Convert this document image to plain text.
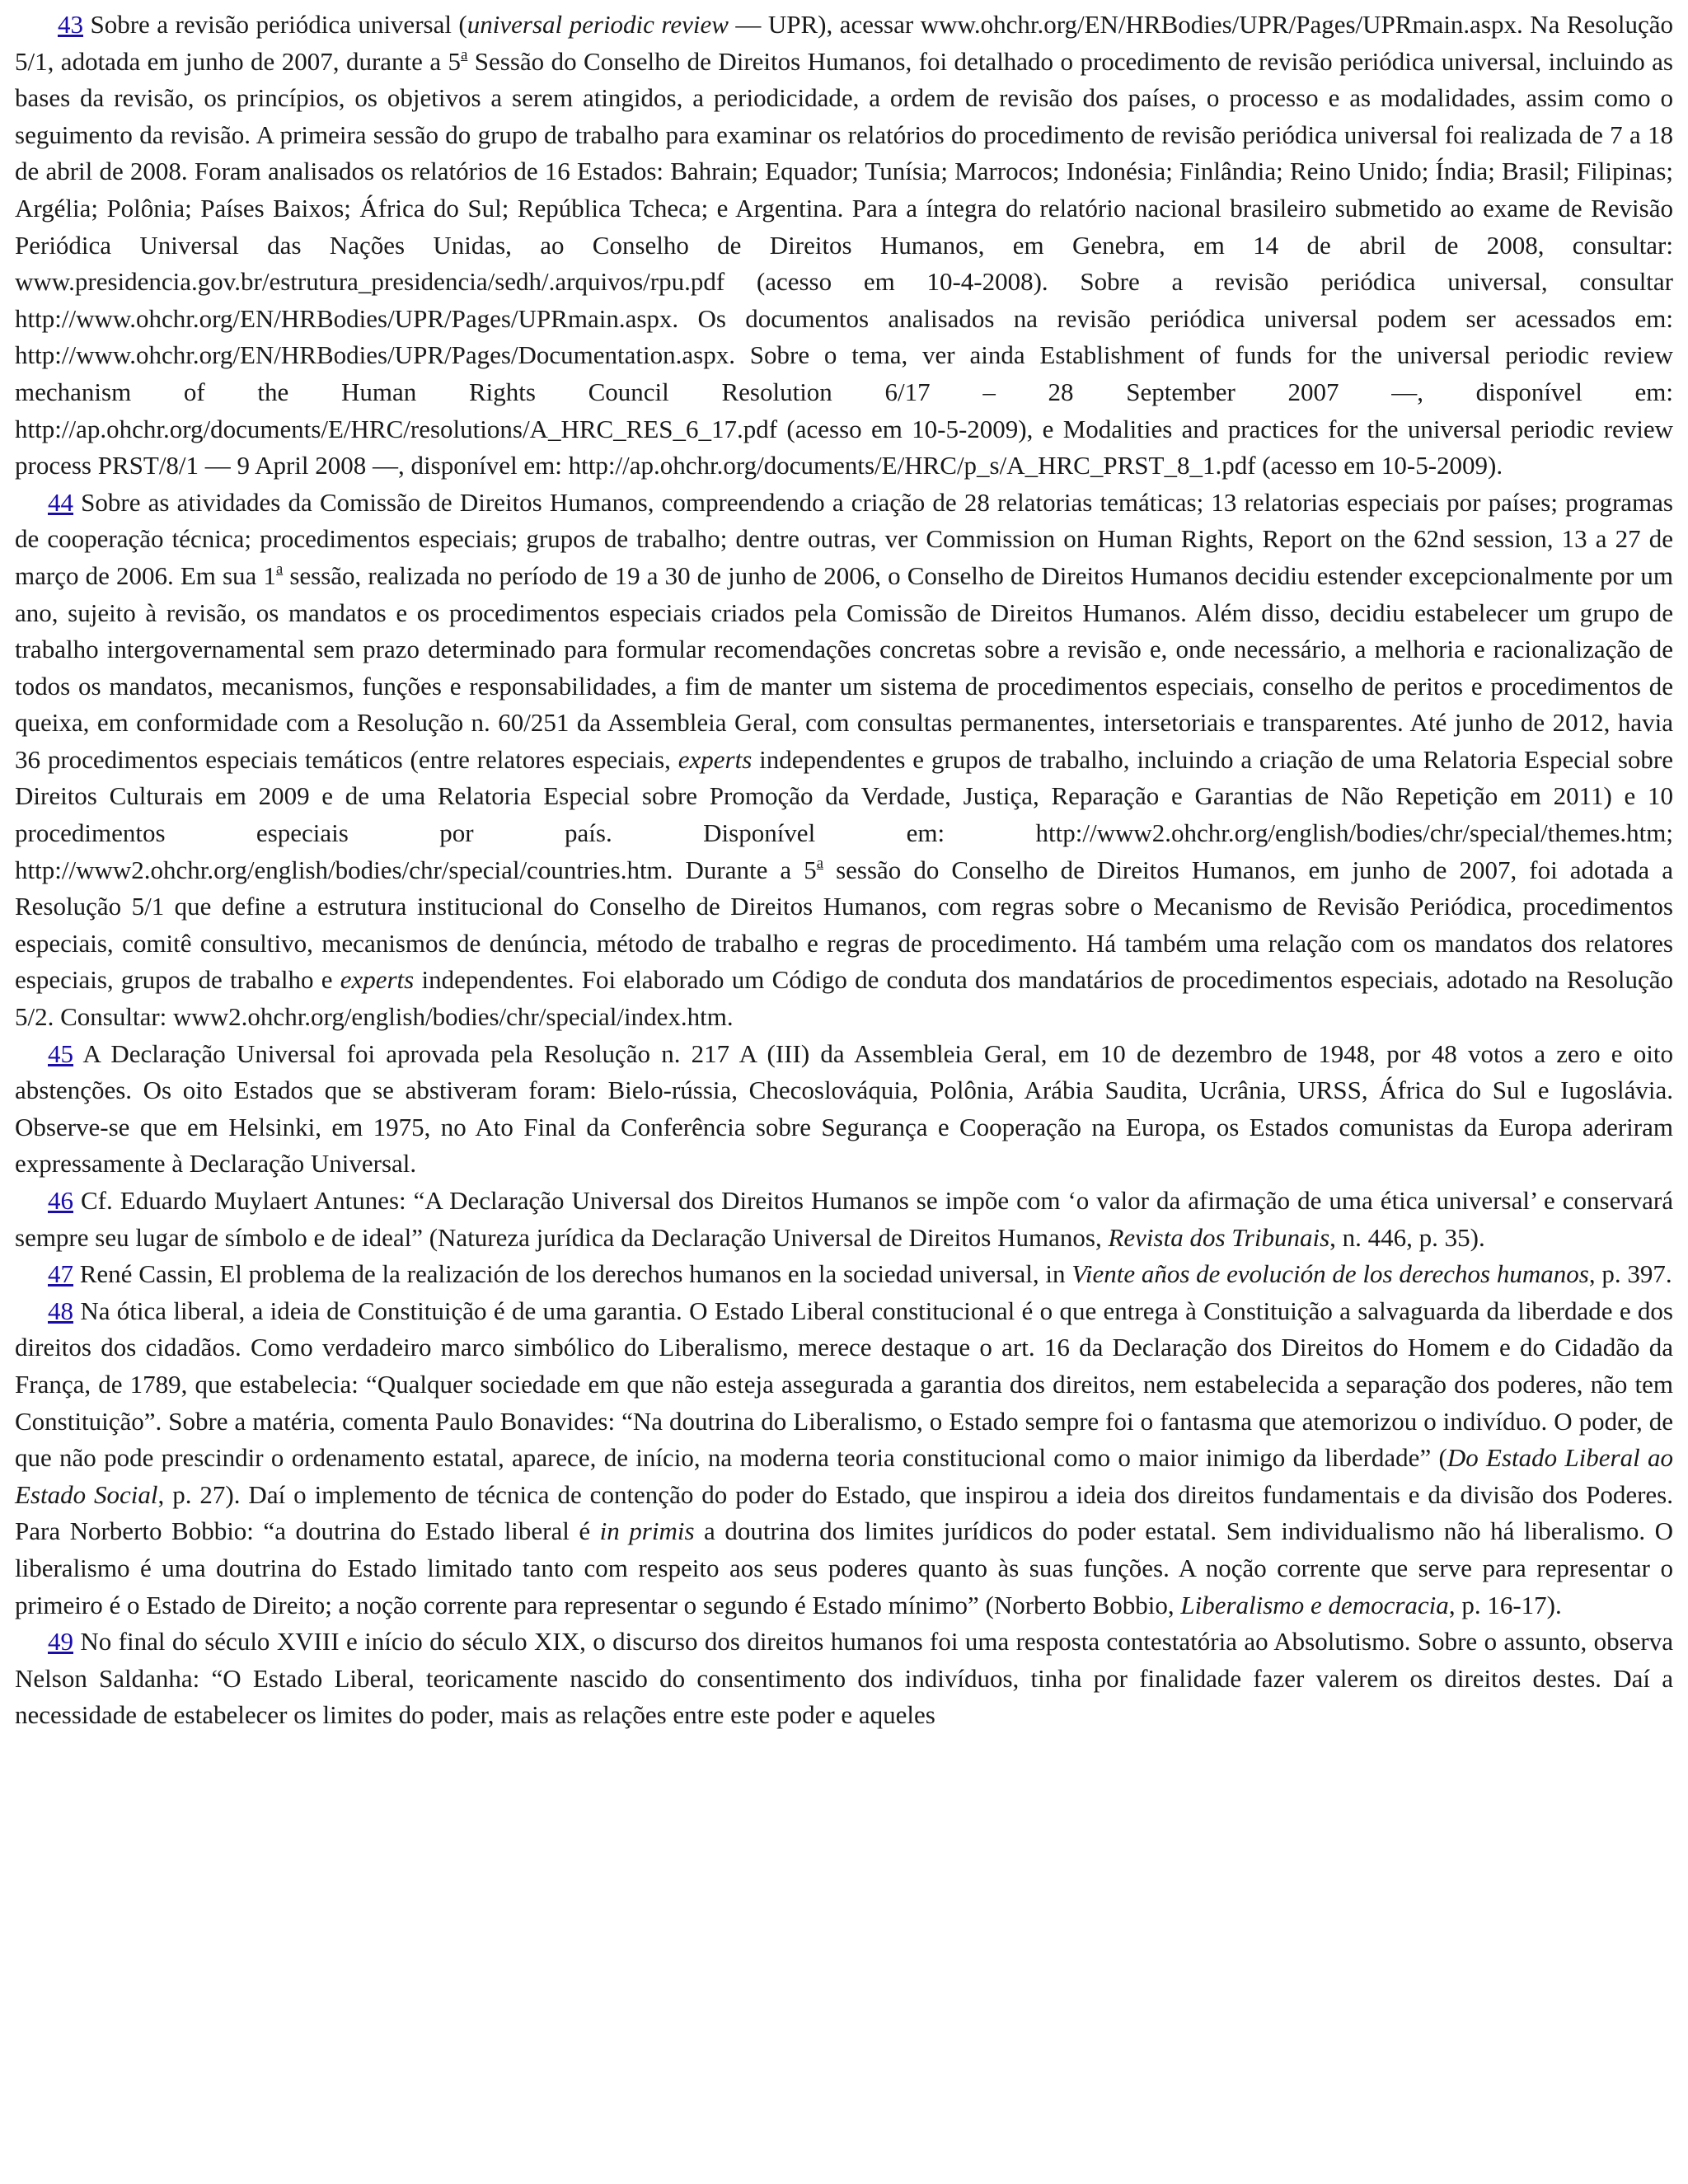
43 Sobre a revisão periódica universal (universal periodic review — UPR), acessar www.ohchr.org/EN/HRBodies/UPR/Pages/UPRmain.aspx. Na Resolução 5/1, adotada em junho de 2007, durante a 5$^a$ Sessão do Conselho de Direitos Humanos, foi detalhado o procedimento de revisão periódica universal, incluindo as bases da revisão, os princípios, os objetivos a serem atingidos, a periodicidade, a ordem de revisão dos países, o processo e as modalidades, assim como o seguimento da revisão. A primeira sessão do grupo de trabalho para examinar os relatórios do procedimento de revisão periódica universal foi realizada de 7 a 18 de abril de 2008. Foram analisados os relatórios de 16 Estados: Bahrain; Equador; Tunísia; Marrocos; Indonésia; Finlândia; Reino Unido; Índia; Brasil; Filipinas; Argélia; Polônia; Países Baixos; África do Sul; República Tcheca; e Argentina. Para a íntegra do relatório nacional brasileiro submetido ao exame de Revisão Periódica Universal das Nações Unidas, ao Conselho de Direitos Humanos, em Genebra, em 14 de abril de 2008, consultar: www.presidencia.gov.br/estrutura_presidencia/sedh/.arquivos/rpu.pdf (acesso em 10-4-2008). Sobre a revisão periódica universal, consultar http://www.ohchr.org/EN/HRBodies/UPR/Pages/UPRmain.aspx. Os documentos analisados na revisão periódica universal podem ser acessados em: http://www.ohchr.org/EN/HRBodies/UPR/Pages/Documentation.aspx. Sobre o tema, ver ainda Establishment of funds for the universal periodic review mechanism of the Human Rights Council Resolution 6/17 – 28 September 2007 —, disponível em: http://ap.ohchr.org/documents/E/HRC/resolutions/A_HRC_RES_6_17.pdf (acesso em 10-5-2009), e Modalities and practices for the universal periodic review process PRST/8/1 — 9 April 2008 —, disponível em: http://ap.ohchr.org/documents/E/HRC/p_s/A_HRC_PRST_8_1.pdf (acesso em 10-5-2009).

44 Sobre as atividades da Comissão de Direitos Humanos, compreendendo a criação de 28 relatorias temáticas; 13 relatorias especiais por países; programas de cooperação técnica; procedimentos especiais; grupos de trabalho; dentre outras, ver Commission on Human Rights, Report on the 62nd session, 13 a 27 de março de 2006. Em sua 1$^a$ sessão, realizada no período de 19 a 30 de junho de 2006, o Conselho de Direitos Humanos decidiu estender excepcionalmente por um ano, sujeito à revisão, os mandatos e os procedimentos especiais criados pela Comissão de Direitos Humanos. Além disso, decidiu estabelecer um grupo de trabalho intergovernamental sem prazo determinado para formular recomendações concretas sobre a revisão e, onde necessário, a melhoria e racionalização de todos os mandatos, mecanismos, funções e responsabilidades, a fim de manter um sistema de procedimentos especiais, conselho de peritos e procedimentos de queixa, em conformidade com a Resolução n. 60/251 da Assembleia Geral, com consultas permanentes, intersetoriais e transparentes. Até junho de 2012, havia 36 procedimentos especiais temáticos (entre relatores especiais, experts independentes e grupos de trabalho, incluindo a criação de uma Relatoria Especial sobre Direitos Culturais em 2009 e de uma Relatoria Especial sobre Promoção da Verdade, Justiça, Reparação e Garantias de Não Repetição em 2011) e 10 procedimentos especiais por país. Disponível em: http://www2.ohchr.org/english/bodies/chr/special/themes.htm; http://www2.ohchr.org/english/bodies/chr/special/countries.htm. Durante a 5$^a$ sessão do Conselho de Direitos Humanos, em junho de 2007, foi adotada a Resolução 5/1 que define a estrutura institucional do Conselho de Direitos Humanos, com regras sobre o Mecanismo de Revisão Periódica, procedimentos especiais, comitê consultivo, mecanismos de denúncia, método de trabalho e regras de procedimento. Há também uma relação com os mandatos dos relatores especiais, grupos de trabalho e experts independentes. Foi elaborado um Código de conduta dos mandatários de procedimentos especiais, adotado na Resolução 5/2. Consultar: www2.ohchr.org/english/bodies/chr/special/index.htm.

45 A Declaração Universal foi aprovada pela Resolução n. 217 A (III) da Assembleia Geral, em 10 de dezembro de 1948, por 48 votos a zero e oito abstenções. Os oito Estados que se abstiveram foram: Bielo-rússia, Checoslováquia, Polônia, Arábia Saudita, Ucrânia, URSS, África do Sul e Iugoslávia. Observe-se que em Helsinki, em 1975, no Ato Final da Conferência sobre Segurança e Cooperação na Europa, os Estados comunistas da Europa aderiram expressamente à Declaração Universal.

46 Cf. Eduardo Muylaert Antunes: “A Declaração Universal dos Direitos Humanos se impõe com ‘o valor da afirmação de uma ética universal’ e conservará sempre seu lugar de símbolo e de ideal” (Natureza jurídica da Declaração Universal de Direitos Humanos, Revista dos Tribunais, n. 446, p. 35).

47 René Cassin, El problema de la realización de los derechos humanos en la sociedad universal, in Viente años de evolución de los derechos humanos, p. 397.

48 Na ótica liberal, a ideia de Constituição é de uma garantia. O Estado Liberal constitucional é o que entrega à Constituição a salvaguarda da liberdade e dos direitos dos cidadãos. Como verdadeiro marco simbólico do Liberalismo, merece destaque o art. 16 da Declaração dos Direitos do Homem e do Cidadão da França, de 1789, que estabelecia: “Qualquer sociedade em que não esteja assegurada a garantia dos direitos, nem estabelecida a separação dos poderes, não tem Constituição”. Sobre a matéria, comenta Paulo Bonavides: “Na doutrina do Liberalismo, o Estado sempre foi o fantasma que atemorizou o indivíduo. O poder, de que não pode prescindir o ordenamento estatal, aparece, de início, na moderna teoria constitucional como o maior inimigo da liberdade” (Do Estado Liberal ao Estado Social, p. 27). Daí o implemento de técnica de contenção do poder do Estado, que inspirou a ideia dos direitos fundamentais e da divisão dos Poderes. Para Norberto Bobbio: “a doutrina do Estado liberal é in primis a doutrina dos limites jurídicos do poder estatal. Sem individualismo não há liberalismo. O liberalismo é uma doutrina do Estado limitado tanto com respeito aos seus poderes quanto às suas funções. A noção corrente que serve para representar o primeiro é o Estado de Direito; a noção corrente para representar o segundo é Estado mínimo” (Norberto Bobbio, Liberalismo e democracia, p. 16-17).

49 No final do século XVIII e início do século XIX, o discurso dos direitos humanos foi uma resposta contestatória ao Absolutismo. Sobre o assunto, observa Nelson Saldanha: “O Estado Liberal, teoricamente nascido do consentimento dos indivíduos, tinha por finalidade fazer valerem os direitos destes. Daí a necessidade de estabelecer os limites do poder, mais as relações entre este poder e aqueles
